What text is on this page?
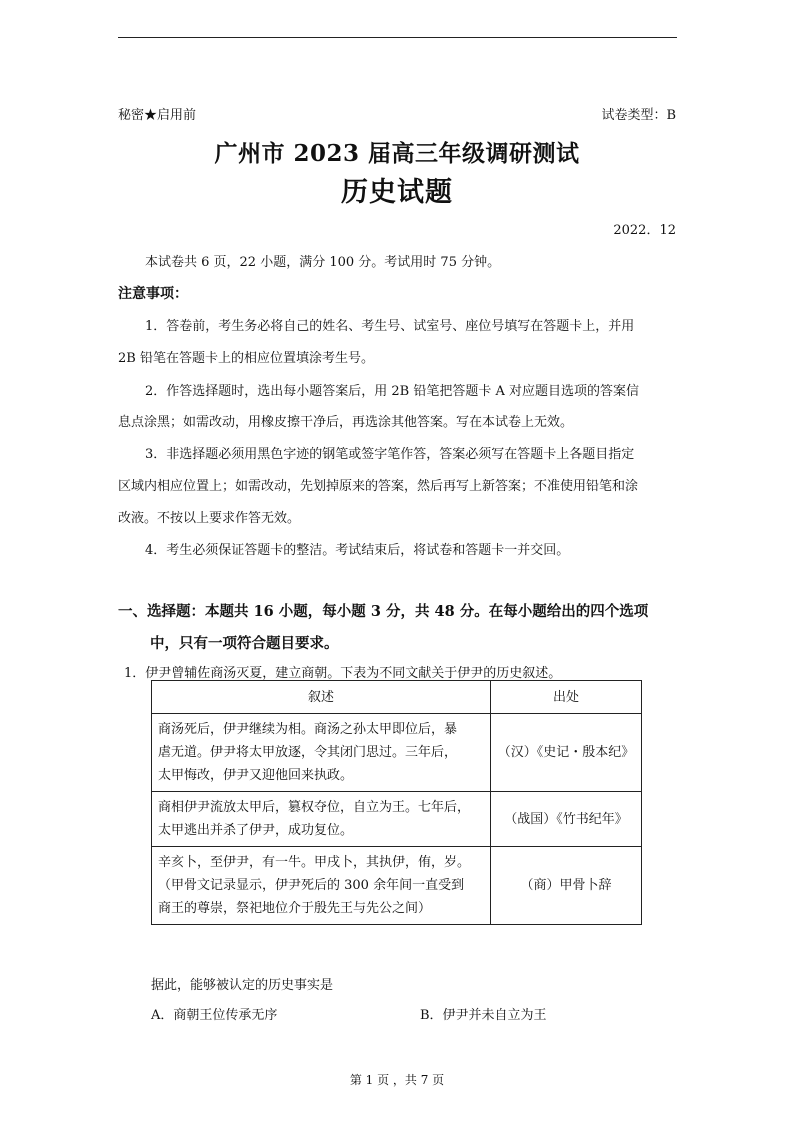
秘密★启用前	试卷类型：B
广州市 2023 届高三年级调研测试
历史试题
2022．12
本试卷共 6 页，22 小题，满分 100 分。考试用时 75 分钟。
注意事项：
1．答卷前，考生务必将自己的姓名、考生号、试室号、座位号填写在答题卡上，并用
2B 铅笔在答题卡上的相应位置填涂考生号。
2．作答选择题时，选出每小题答案后，用 2B 铅笔把答题卡 A 对应题目选项的答案信
息点涂黑；如需改动，用橡皮擦干净后，再选涂其他答案。写在本试卷上无效。
3．非选择题必须用黑色字迹的钢笔或签字笔作答，答案必须写在答题卡上各题目指定
区域内相应位置上；如需改动，先划掉原来的答案，然后再写上新答案；不准使用铅笔和涂
改液。不按以上要求作答无效。
4．考生必须保证答题卡的整洁。考试结束后，将试卷和答题卡一并交回。
一、选择题：本题共 16 小题，每小题 3 分，共 48 分。在每小题给出的四个选项
中，只有一项符合题目要求。
1．伊尹曾辅佐商汤灭夏，建立商朝。下表为不同文献关于伊尹的历史叙述。
叙述	出处

商汤死后，伊尹继续为相。商汤之孙太甲即位后，暴
虐无道。伊尹将太甲放逐，令其闭门思过。三年后，
太甲悔改，伊尹又迎他回来执政。	（汉）《史记・殷本纪》

商相伊尹流放太甲后，篡权夺位，自立为王。七年后，
太甲逃出并杀了伊尹，成功复位。	（战国）《竹书纪年》

辛亥卜，至伊尹，有一牛。甲戌卜，其执伊，侑，岁。
（甲骨文记录显示，伊尹死后的 300 余年间一直受到
商王的尊崇，祭祀地位介于殷先王与先公之间）	（商）甲骨卜辞
据此，能够被认定的历史事实是
A．商朝王位传承无序	B．伊尹并未自立为王
第 1 页 ，共 7 页
